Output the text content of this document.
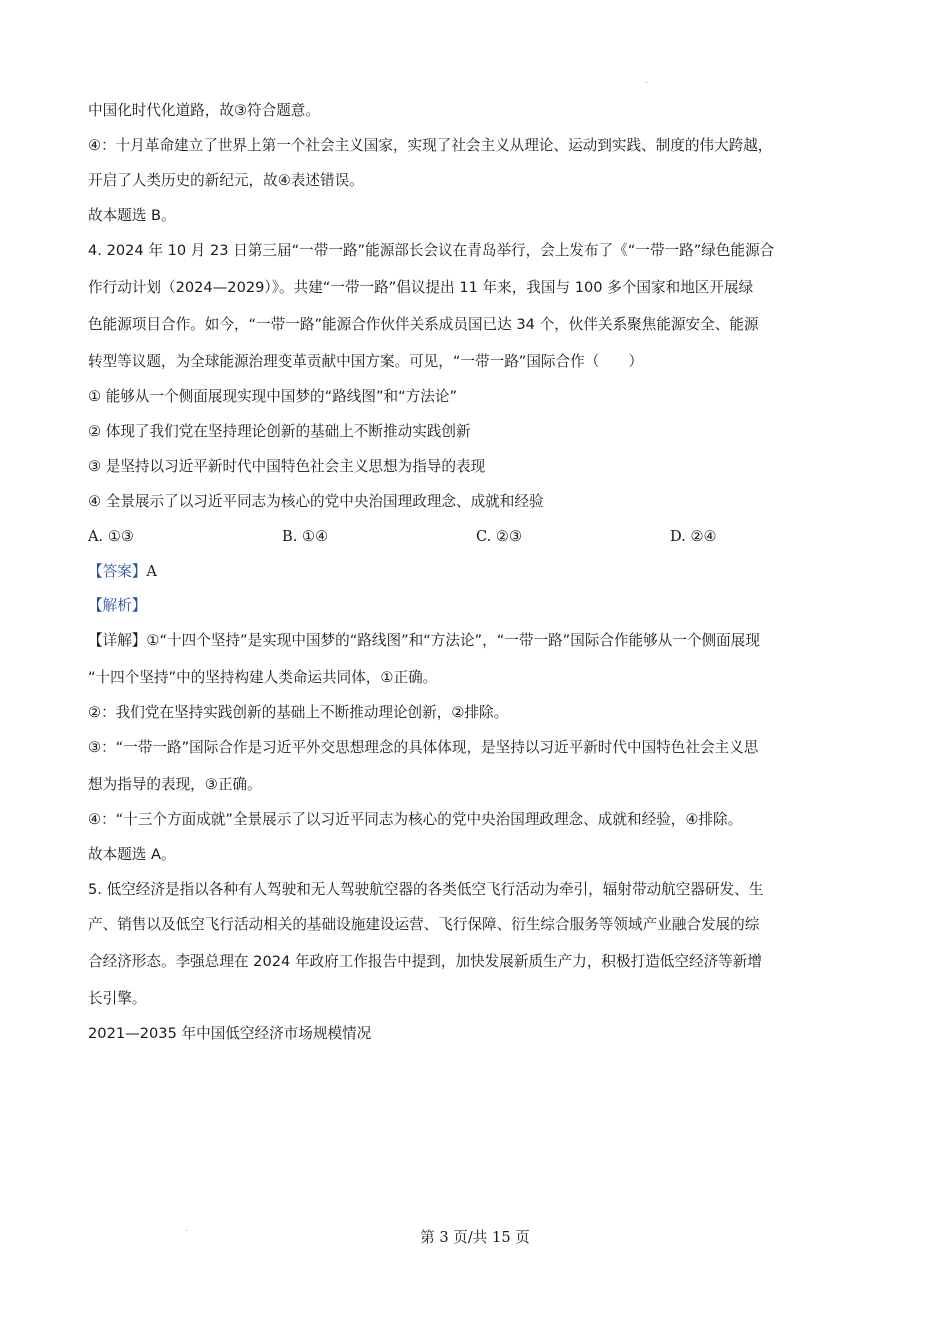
中国化时代化道路，故③符合题意。
④：十月革命建立了世界上第一个社会主义国家，实现了社会主义从理论、运动到实践、制度的伟大跨越，
开启了人类历史的新纪元，故④表述错误。
故本题选 B。
4. 2024 年 10 月 23 日第三届“一带一路”能源部长会议在青岛举行，会上发布了《“一带一路”绿色能源合
作行动计划（2024—2029）》。共建“一带一路”倡议提出 11 年来，我国与 100 多个国家和地区开展绿
色能源项目合作。如今，“一带一路”能源合作伙伴关系成员国已达 34 个，伙伴关系聚焦能源安全、能源
转型等议题，为全球能源治理变革贡献中国方案。可见，“一带一路”国际合作（　　）
① 能够从一个侧面展现实现中国梦的“路线图”和“方法论”
② 体现了我们党在坚持理论创新的基础上不断推动实践创新
③ 是坚持以习近平新时代中国特色社会主义思想为指导的表现
④ 全景展示了以习近平同志为核心的党中央治国理政理念、成就和经验
A. ①③	B. ①④	C. ②③	D. ②④
【答案】A
【解析】
【详解】①“十四个坚持”是实现中国梦的“路线图”和“方法论”，“一带一路”国际合作能够从一个侧面展现
“十四个坚持”中的坚持构建人类命运共同体，①正确。
②：我们党在坚持实践创新的基础上不断推动理论创新，②排除。
③：“一带一路”国际合作是习近平外交思想理念的具体体现，是坚持以习近平新时代中国特色社会主义思
想为指导的表现，③正确。
④：“十三个方面成就”全景展示了以习近平同志为核心的党中央治国理政理念、成就和经验，④排除。
故本题选 A。
5. 低空经济是指以各种有人驾驶和无人驾驶航空器的各类低空飞行活动为牵引，辐射带动航空器研发、生
产、销售以及低空飞行活动相关的基础设施建设运营、飞行保障、衍生综合服务等领域产业融合发展的综
合经济形态。李强总理在 2024 年政府工作报告中提到，加快发展新质生产力，积极打造低空经济等新增
长引擎。
2021—2035 年中国低空经济市场规模情况
第 3 页/共 15 页
